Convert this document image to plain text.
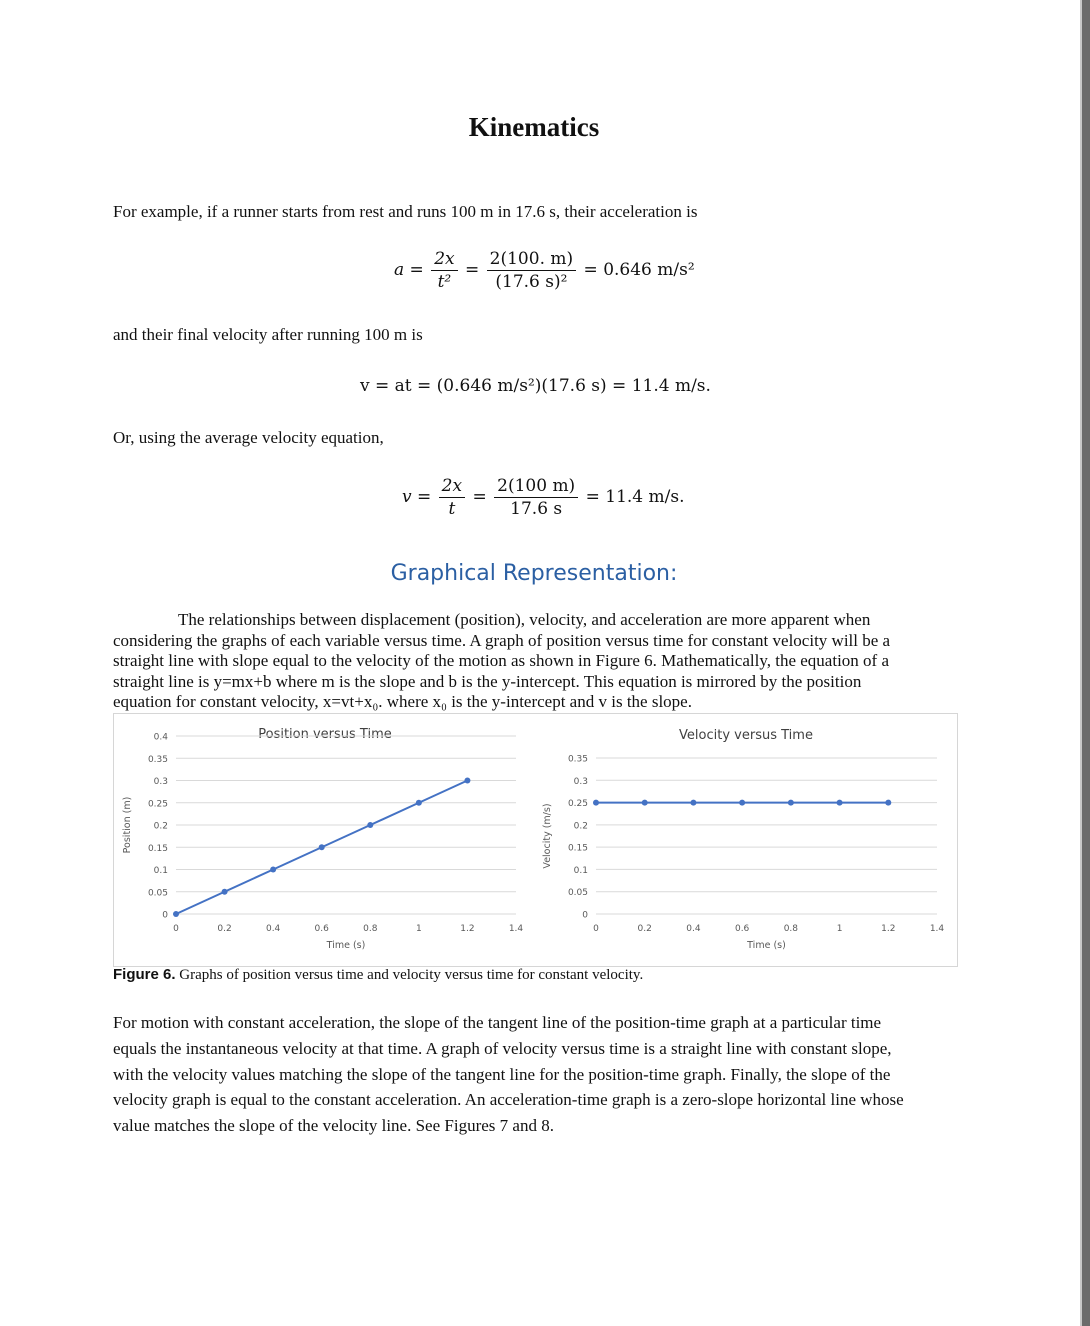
Kinematics
For example, if a runner starts from rest and runs 100 m in 17.6 s, their acceleration is
$a = \frac{2x}{\text{t²}} = \frac{2(100. m)}{\text{(17.6 s)²}} = 0.646$ m/s²
and their final velocity after running 100 m is
v = at = (0.646 m/s²)(17.6 s) = 11.4 m/s.
Or, using the average velocity equation,
$v = \frac{2x}{t} = \frac{2(100 m)}{17.6 s} = 11.4$ m/s.
Graphical Representation:
The relationships between displacement (position), velocity, and acceleration are more apparent when
considering the graphs of each variable versus time. A graph of position versus time for constant velocity will be a
straight line with slope equal to the velocity of the motion as shown in Figure 6. Mathematically, the equation of a
straight line is y=mx+b where m is the slope and b is the y-intercept. This equation is mirrored by the position
equation for constant velocity, x=vt+x₀. where x₀ is the y-intercept and v is the slope.
Position versus Time
0
0.05
0.1
0.15
0.2
0.25
0.3
0.35
0.4
0	0.2	0.4	0.6	0.8	1	1.2	1.4
Time (s)
Position (m)
Velocity versus Time
0
0.05
0.1
0.15
0.2
0.25
0.3
0.35
0	0.2	0.4	0.6	0.8	1	1.2	1.4
Time (s)
Velocity (m/s)
Figure 6. Graphs of position versus time and velocity versus time for constant velocity.
For motion with constant acceleration, the slope of the tangent line of the position-time graph at a particular time
equals the instantaneous velocity at that time. A graph of velocity versus time is a straight line with constant slope,
with the velocity values matching the slope of the tangent line for the position-time graph. Finally, the slope of the
velocity graph is equal to the constant acceleration. An acceleration-time graph is a zero-slope horizontal line whose
value matches the slope of the velocity line. See Figures 7 and 8.
